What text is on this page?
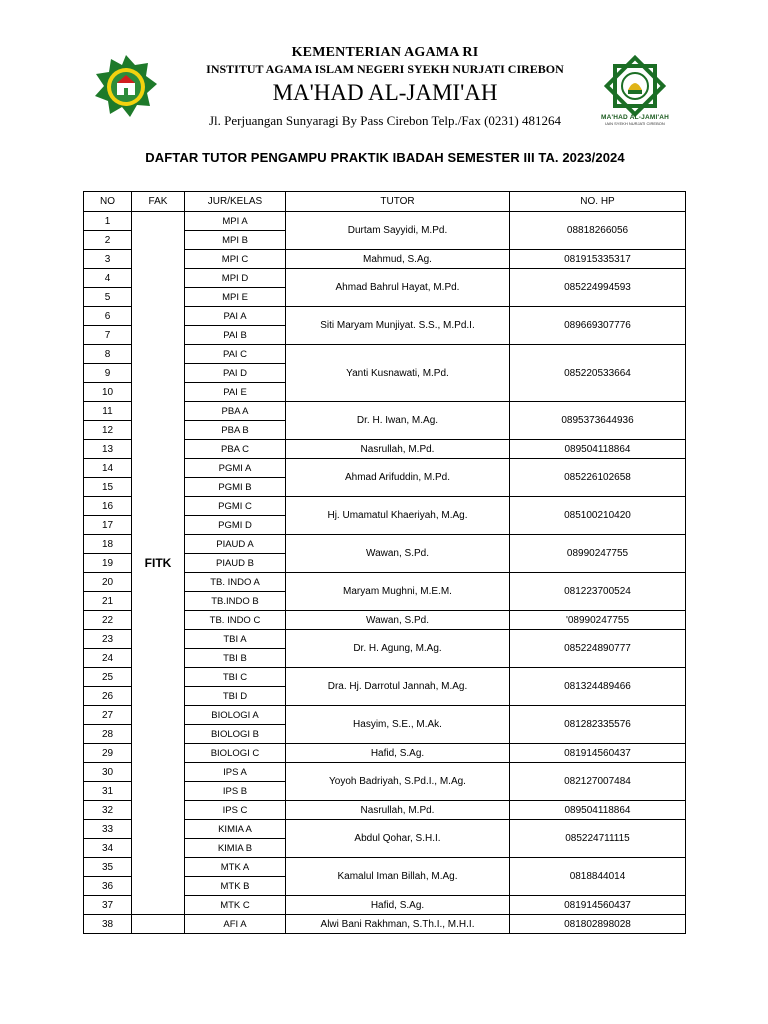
KEMENTERIAN AGAMA RI
INSTITUT AGAMA ISLAM NEGERI SYEKH NURJATI CIREBON
MA'HAD AL-JAMI'AH
Jl. Perjuangan Sunyaragi By Pass Cirebon Telp./Fax (0231) 481264	MA'HAD AL-JAMI'AH
IAIN SYEKH NURJATI CIREBON
DAFTAR TUTOR PENGAMPU PRAKTIK IBADAH SEMESTER III TA. 2023/2024
NO	FAK	JUR/KELAS	TUTOR	NO. HP
1	FITK	MPI A	Durtam Sayyidi, M.Pd.	08818266056
2		MPI B		
3		MPI C	Mahmud, S.Ag.	081915335317
4		MPI D	Ahmad Bahrul Hayat, M.Pd.	085224994593
5		MPI E		
6		PAI A	Siti Maryam Munjiyat. S.S., M.Pd.I.	089669307776
7		PAI B		
8		PAI C	Yanti Kusnawati, M.Pd.	085220533664
9		PAI D		
10		PAI E		
11		PBA A	Dr. H. Iwan, M.Ag.	0895373644936
12		PBA B		
13		PBA C	Nasrullah, M.Pd.	089504118864
14		PGMI A	Ahmad Arifuddin, M.Pd.	085226102658
15		PGMI B		
16		PGMI C	Hj. Umamatul Khaeriyah, M.Ag.	085100210420
17		PGMI D		
18		PIAUD A	Wawan, S.Pd.	08990247755
19		PIAUD B		
20		TB. INDO A	Maryam Mughni, M.E.M.	081223700524
21		TB.INDO B		
22		TB. INDO C	Wawan, S.Pd.	'08990247755
23		TBI A	Dr. H. Agung, M.Ag.	085224890777
24		TBI B		
25		TBI C	Dra. Hj. Darrotul Jannah, M.Ag.	081324489466
26		TBI D		
27		BIOLOGI A	Hasyim, S.E., M.Ak.	081282335576
28		BIOLOGI B		
29		BIOLOGI C	Hafid, S.Ag.	081914560437
30		IPS A	Yoyoh Badriyah, S.Pd.I., M.Ag.	082127007484
31		IPS B		
32		IPS C	Nasrullah, M.Pd.	089504118864
33		KIMIA A	Abdul Qohar, S.H.I.	085224711115
34		KIMIA B		
35		MTK A	Kamalul Iman Billah, M.Ag.	0818844014
36		MTK B		
37		MTK C	Hafid, S.Ag.	081914560437
38		AFI A	Alwi Bani Rakhman, S.Th.I., M.H.I.	081802898028
